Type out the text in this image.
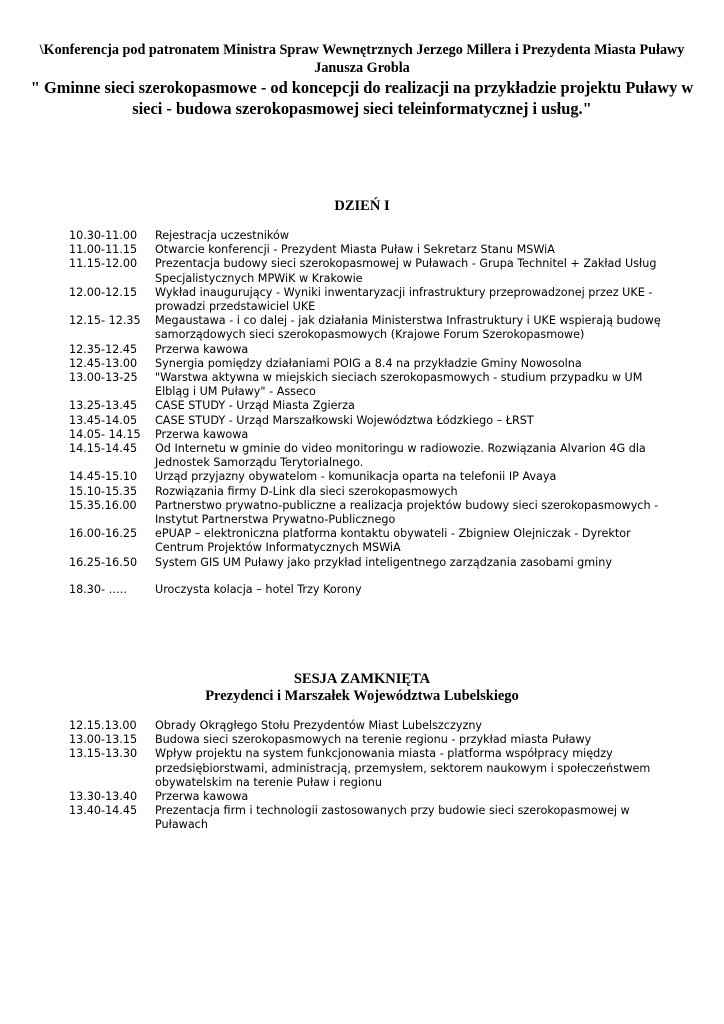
\Konferencja pod patronatem Ministra Spraw Wewnętrznych Jerzego Millera i Prezydenta Miasta Puławy Janusza Grobla
" Gminne sieci szerokopasmowe - od koncepcji do realizacji na przykładzie projektu Puławy w sieci - budowa szerokopasmowej sieci teleinformatycznej i usług."
DZIEŃ I
10.30-11.00	Rejestracja uczestników
11.00-11.15	Otwarcie konferencji - Prezydent Miasta Puław i Sekretarz Stanu MSWiA
11.15-12.00	Prezentacja budowy sieci szerokopasmowej w Puławach - Grupa Technitel + Zakład Usług Specjalistycznych MPWiK w Krakowie
12.00-12.15	Wykład inaugurujący - Wyniki inwentaryzacji infrastruktury przeprowadzonej przez UKE - prowadzi przedstawiciel UKE
12.15- 12.35	Megaustawa - i co dalej - jak działania Ministerstwa Infrastruktury i UKE wspierają budowę samorządowych sieci szerokopasmowych (Krajowe Forum Szerokopasmowe)
12.35-12.45	Przerwa kawowa
12.45-13.00	Synergia pomiędzy działaniami POIG a 8.4 na przykładzie Gminy Nowosolna
13.00-13-25	"Warstwa aktywna w miejskich sieciach szerokopasmowych - studium przypadku w UM Elbląg i UM Puławy" - Asseco
13.25-13.45	CASE STUDY - Urząd Miasta Zgierza
13.45-14.05	CASE STUDY - Urząd Marszałkowski Województwa Łódzkiego – ŁRST
14.05- 14.15	Przerwa kawowa
14.15-14.45	Od Internetu w gminie do video monitoringu w radiowozie. Rozwiązania Alvarion 4G dla Jednostek Samorządu Terytorialnego.
14.45-15.10	Urząd przyjazny obywatelom - komunikacja oparta na telefonii IP Avaya
15.10-15.35	Rozwiązania firmy D-Link dla sieci szerokopasmowych
15.35.16.00	Partnerstwo prywatno-publiczne a realizacja projektów budowy sieci szerokopasmowych - Instytut Partnerstwa Prywatno-Publicznego
16.00-16.25	ePUAP – elektroniczna platforma kontaktu obywateli - Zbigniew Olejniczak - Dyrektor Centrum Projektów Informatycznych MSWiA
16.25-16.50	System GIS UM Puławy jako przykład inteligentnego zarządzania zasobami gminy
18.30- …..	Uroczysta kolacja – hotel Trzy Korony
SESJA ZAMKNIĘTA
Prezydenci i Marszałek Województwa Lubelskiego
12.15.13.00	Obrady Okrągłego Stołu Prezydentów Miast Lubelszczyzny
13.00-13.15	Budowa sieci szerokopasmowych na terenie regionu - przykład miasta Puławy
13.15-13.30	Wpływ projektu na system funkcjonowania miasta - platforma współpracy między przedsiębiorstwami, administracją, przemysłem, sektorem naukowym i społeczeństwem obywatelskim na terenie Puław i regionu
13.30-13.40	Przerwa kawowa
13.40-14.45	Prezentacja firm i technologii zastosowanych przy budowie sieci szerokopasmowej w Puławach
